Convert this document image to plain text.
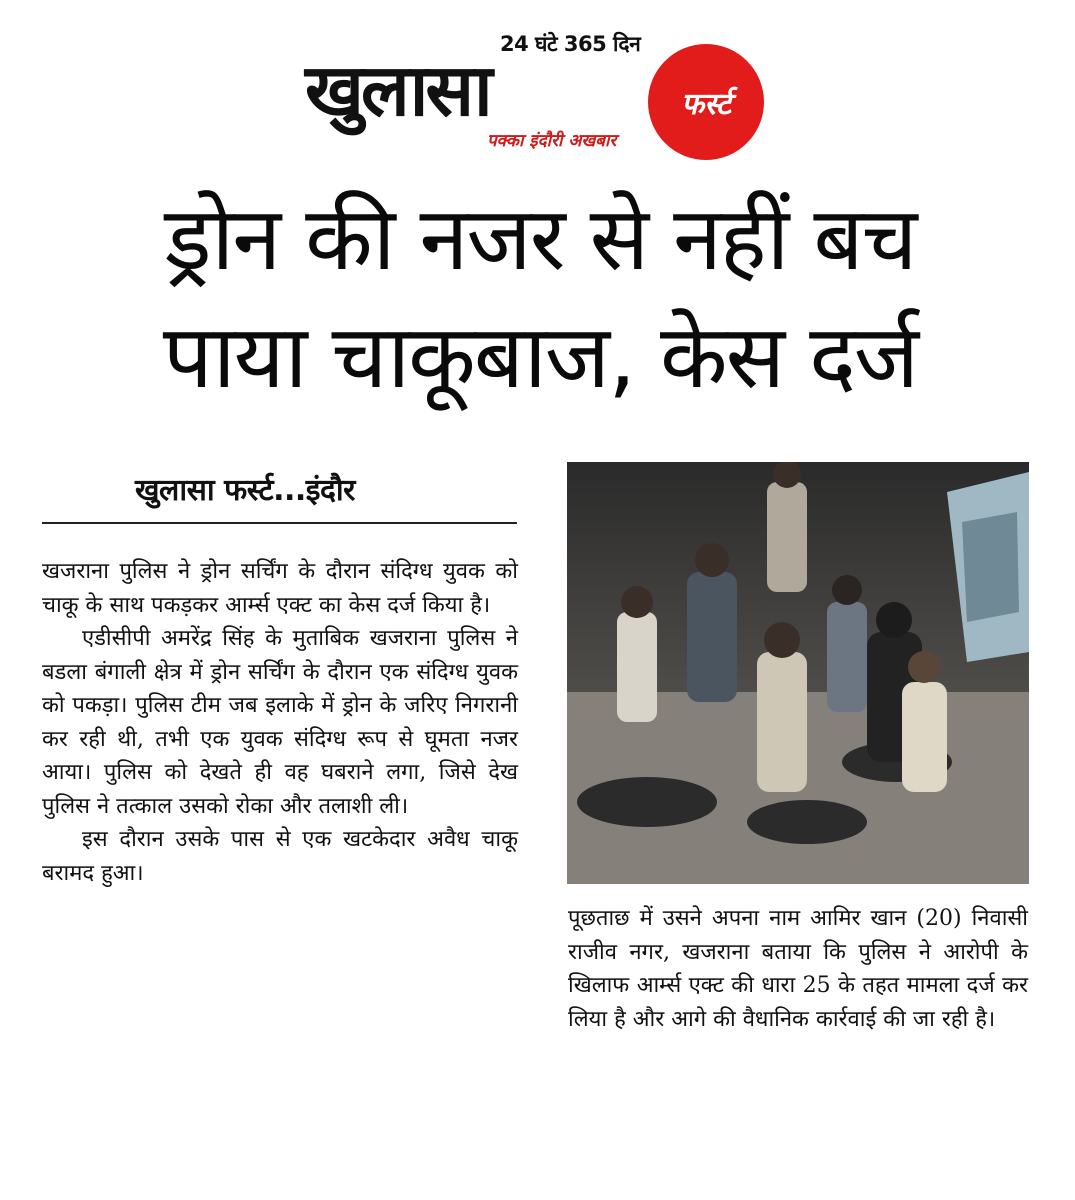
24 घंटे 365 दिन
खुलासा	फर्स्ट
पक्का इंदौरी अखबार
ड्रोन की नजर से नहीं बच
पाया चाकूबाज, केस दर्ज
खुलासा फर्स्ट...इंदौर

खजराना पुलिस ने ड्रोन सर्चिंग के दौरान संदिग्ध युवक को चाकू के साथ पकड़कर आर्म्स एक्ट का केस दर्ज किया है।

एडीसीपी अमरेंद्र सिंह के मुताबिक खजराना पुलिस ने बडला बंगाली क्षेत्र में ड्रोन सर्चिंग के दौरान एक संदिग्ध युवक को पकड़ा। पुलिस टीम जब इलाके में ड्रोन के जरिए निगरानी कर रही थी, तभी एक युवक संदिग्ध रूप से घूमता नजर आया। पुलिस को देखते ही वह घबराने लगा, जिसे देख पुलिस ने तत्काल उसको रोका और तलाशी ली।

इस दौरान उसके पास से एक खटकेदार अवैध चाकू बरामद हुआ।

पूछताछ में उसने अपना नाम आमिर खान (20) निवासी राजीव नगर, खजराना बताया कि पुलिस ने आरोपी के खिलाफ आर्म्स एक्ट की धारा 25 के तहत मामला दर्ज कर लिया है और आगे की वैधानिक कार्रवाई की जा रही है।
